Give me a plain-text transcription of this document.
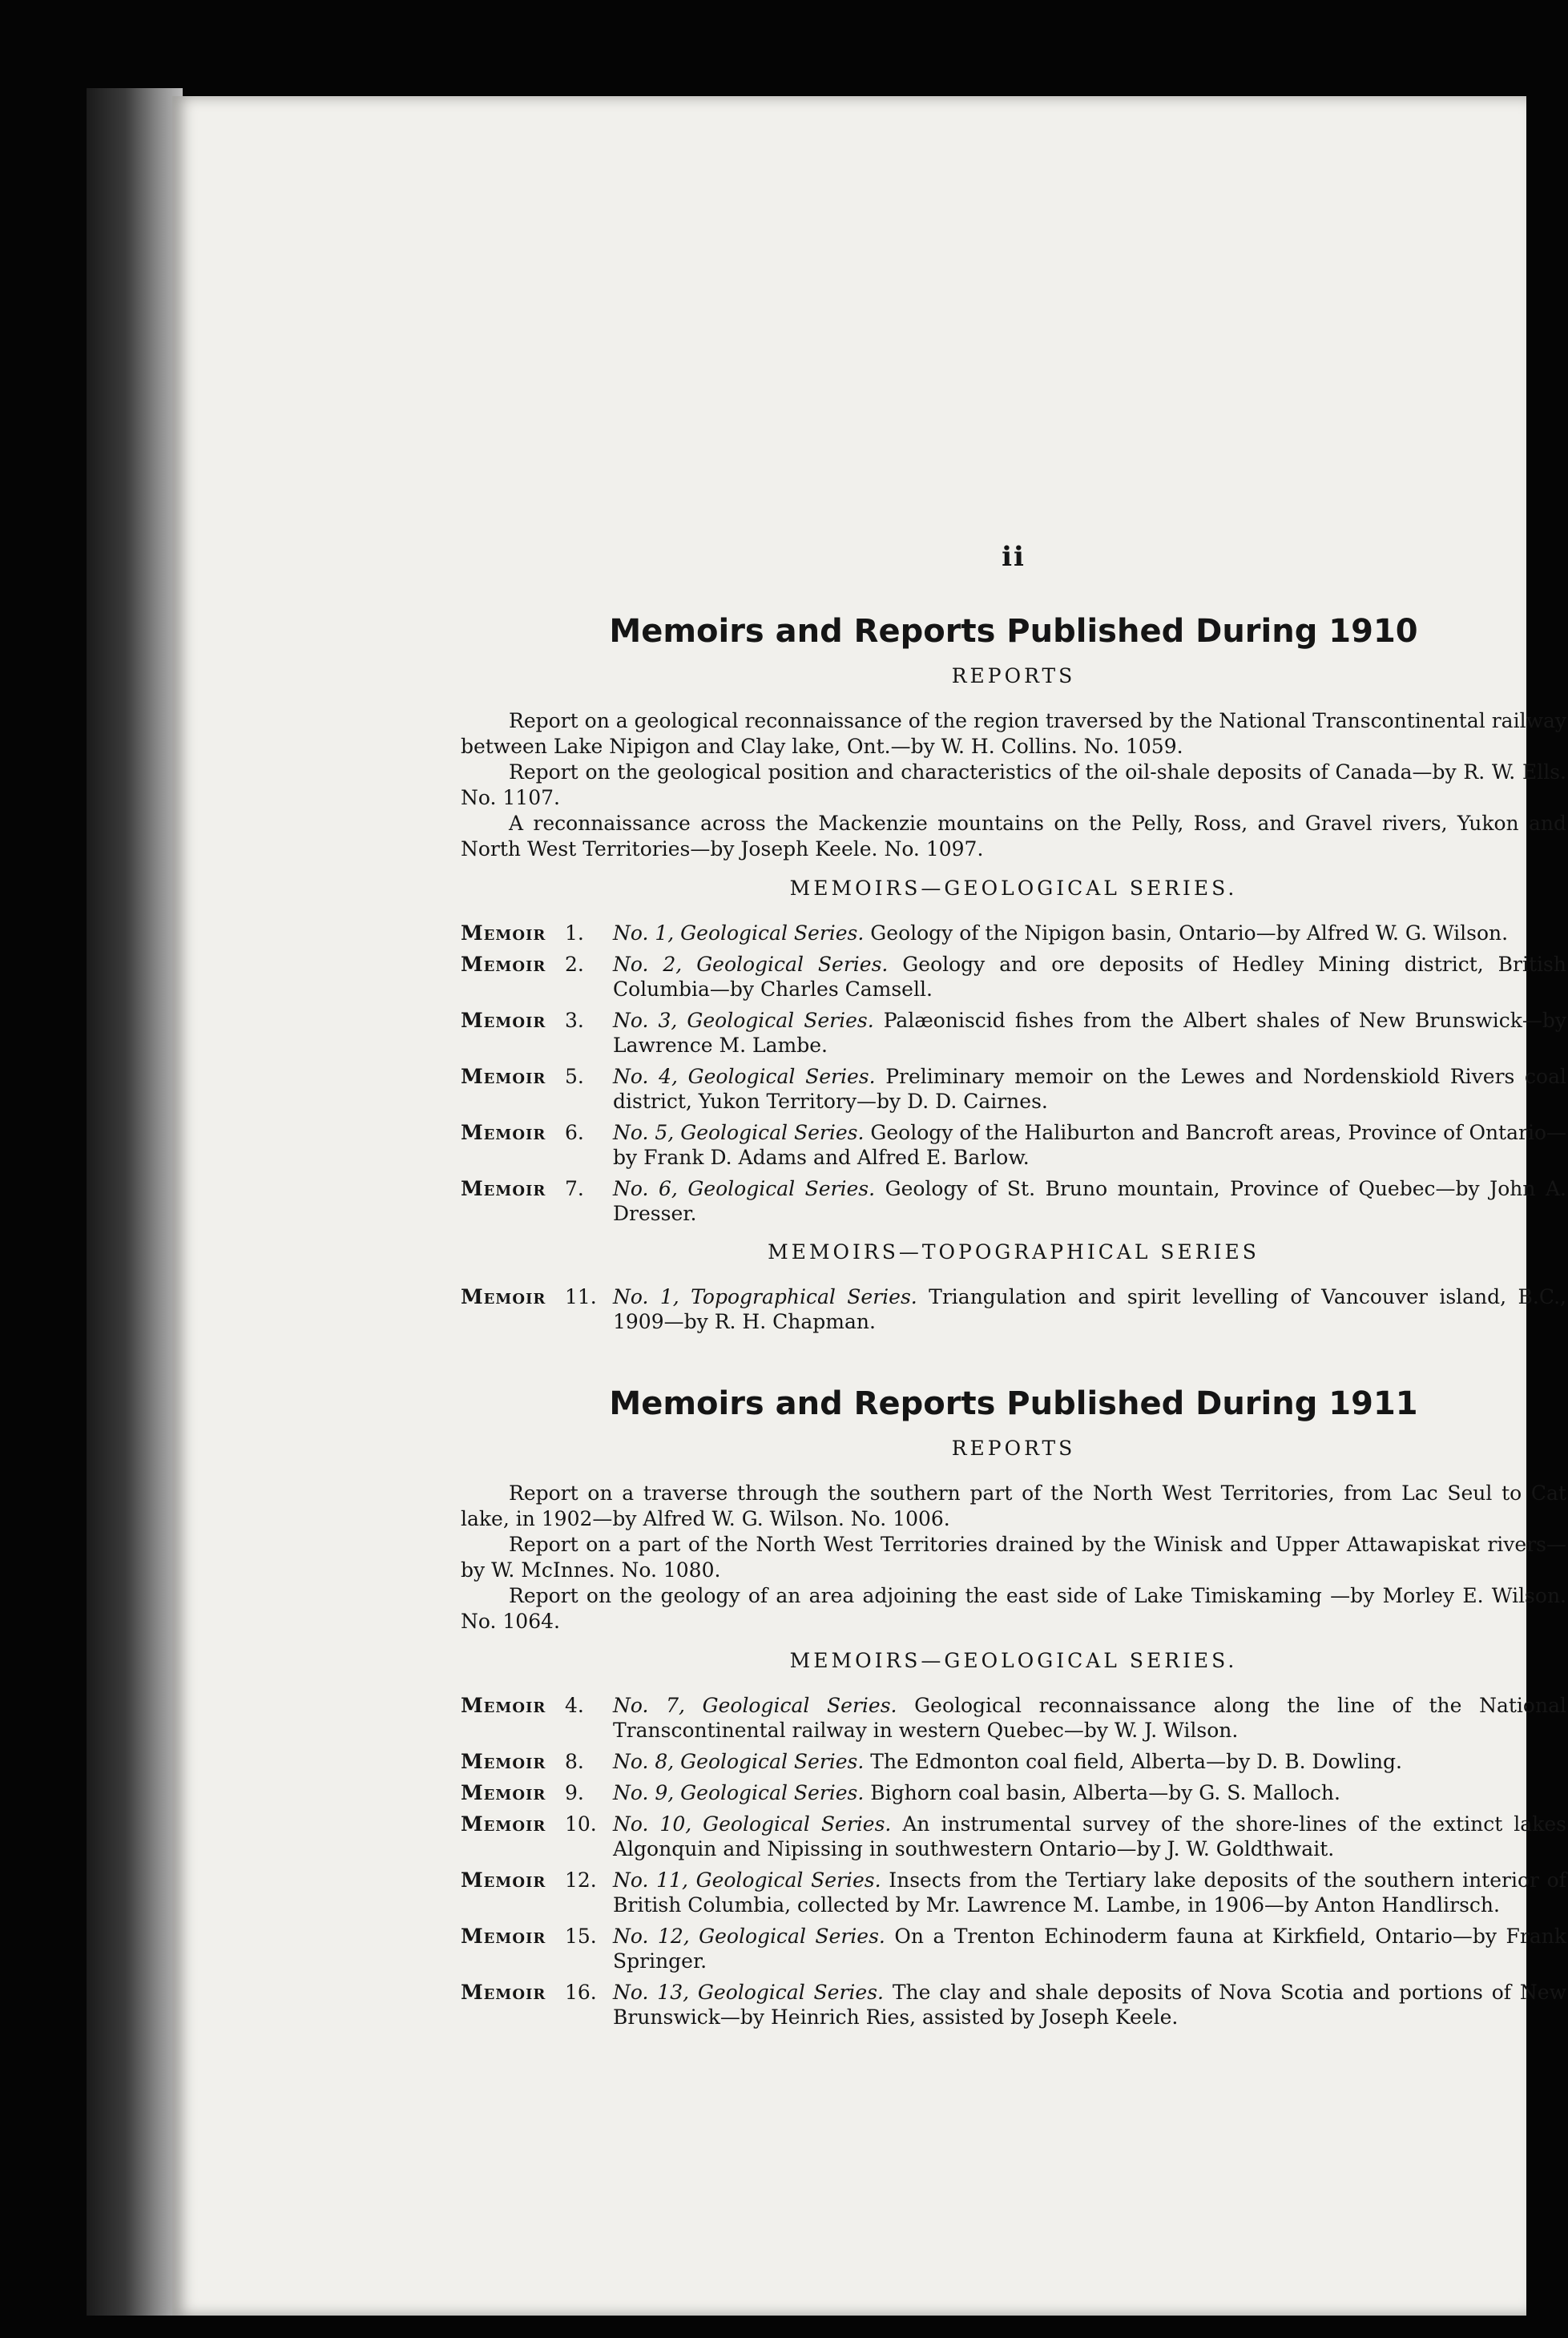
ii
Memoirs and Reports Published During 1910
REPORTS

Report on a geological reconnaissance of the region traversed by the National Transcontinental railway between Lake Nipigon and Clay lake, Ont.—by W. H. Collins. No. 1059.

Report on the geological position and characteristics of the oil-shale deposits of Canada—by R. W. Ells. No. 1107.

A reconnaissance across the Mackenzie mountains on the Pelly, Ross, and Gravel rivers, Yukon and North West Territories—by Joseph Keele. No. 1097.

MEMOIRS—GEOLOGICAL SERIES.
Memoir 1.	No. 1, Geological Series. Geology of the Nipigon basin, Ontario—by Alfred W. G. Wilson.
Memoir 2.	No. 2, Geological Series. Geology and ore deposits of Hedley Mining district, British Columbia—by Charles Camsell.
Memoir 3.	No. 3, Geological Series. Palæoniscid fishes from the Albert shales of New Brunswick—by Lawrence M. Lambe.
Memoir 5.	No. 4, Geological Series. Preliminary memoir on the Lewes and Nordenskiold Rivers coal district, Yukon Territory—by D. D. Cairnes.
Memoir 6.	No. 5, Geological Series. Geology of the Haliburton and Bancroft areas, Province of Ontario—by Frank D. Adams and Alfred E. Barlow.
Memoir 7.	No. 6, Geological Series. Geology of St. Bruno mountain, Province of Quebec—by John A. Dresser.
MEMOIRS—TOPOGRAPHICAL SERIES
Memoir 11. No. 1, Topographical Series. Triangulation and spirit levelling of Vancouver island, B.C., 1909—by R. H. Chapman.
Memoirs and Reports Published During 1911
REPORTS

Report on a traverse through the southern part of the North West Territories, from Lac Seul to Cat lake, in 1902—by Alfred W. G. Wilson. No. 1006.

Report on a part of the North West Territories drained by the Winisk and Upper Attawapiskat rivers—by W. McInnes. No. 1080.

Report on the geology of an area adjoining the east side of Lake Timiskaming —by Morley E. Wilson. No. 1064.

MEMOIRS—GEOLOGICAL SERIES.
Memoir 4.	No. 7, Geological Series. Geological reconnaissance along the line of the National Transcontinental railway in western Quebec—by W. J. Wilson.
Memoir 8.	No. 8, Geological Series. The Edmonton coal field, Alberta—by D. B. Dowling.
Memoir 9.	No. 9, Geological Series. Bighorn coal basin, Alberta—by G. S. Malloch.
Memoir 10. No. 10, Geological Series. An instrumental survey of the shore-lines of the extinct lakes Algonquin and Nipissing in southwestern Ontario—by J. W. Goldthwait.
Memoir 12. No. 11, Geological Series. Insects from the Tertiary lake deposits of the southern interior of British Columbia, collected by Mr. Lawrence M. Lambe, in 1906—by Anton Handlirsch.
Memoir 15. No. 12, Geological Series. On a Trenton Echinoderm fauna at Kirkfield, Ontario—by Frank Springer.
Memoir 16. No. 13, Geological Series. The clay and shale deposits of Nova Scotia and portions of New Brunswick—by Heinrich Ries, assisted by Joseph Keele.
